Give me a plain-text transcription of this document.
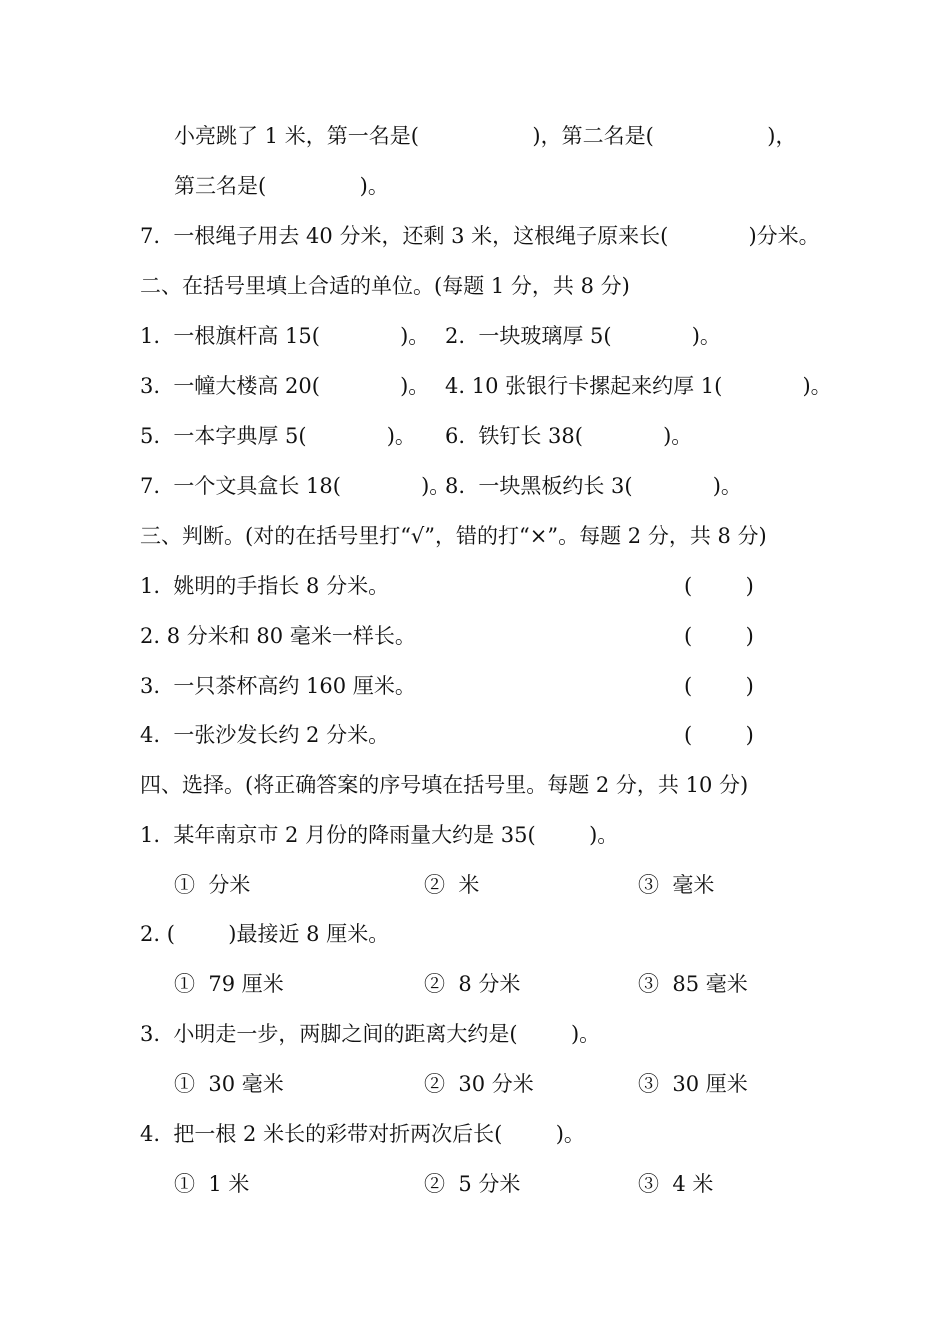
小亮跳了 1 米，第一名是(                 )，第二名是(                 )，
第三名是(              )。
7.  一根绳子用去 40 分米，还剩 3 米，这根绳子原来长(            )分米。
二、在括号里填上合适的单位。(每题 1 分，共 8 分)
1.  一根旗杆高 15(            )。 2.  一块玻璃厚 5(            )。
3.  一幢大楼高 20(            )。 4. 10 张银行卡摞起来约厚 1(            )。
5.  一本字典厚 5(            )。 6.  铁钉长 38(            )。
7.  一个文具盒长 18(            )。
8.  一块黑板约长 3(            )。
三、判断。(对的在括号里打“√”，错的打“×”。每题 2 分，共 8 分)
1.  姚明的手指长 8 分米。	(        )
2. 8 分米和 80 毫米一样长。	(        )
3.  一只茶杯高约 160 厘米。	(        )
4.  一张沙发长约 2 分米。	(        )
四、选择。(将正确答案的序号填在括号里。每题 2 分，共 10 分)
1.  某年南京市 2 月份的降雨量大约是 35(        )。
①  分米	②  米	③  毫米
2. (        )最接近 8 厘米。
①  79 厘米	②  8 分米	③  85 毫米
3.  小明走一步，两脚之间的距离大约是(        )。
①  30 毫米	②  30 分米	③  30 厘米
4.  把一根 2 米长的彩带对折两次后长(        )。
①  1 米	②  5 分米	③  4 米
